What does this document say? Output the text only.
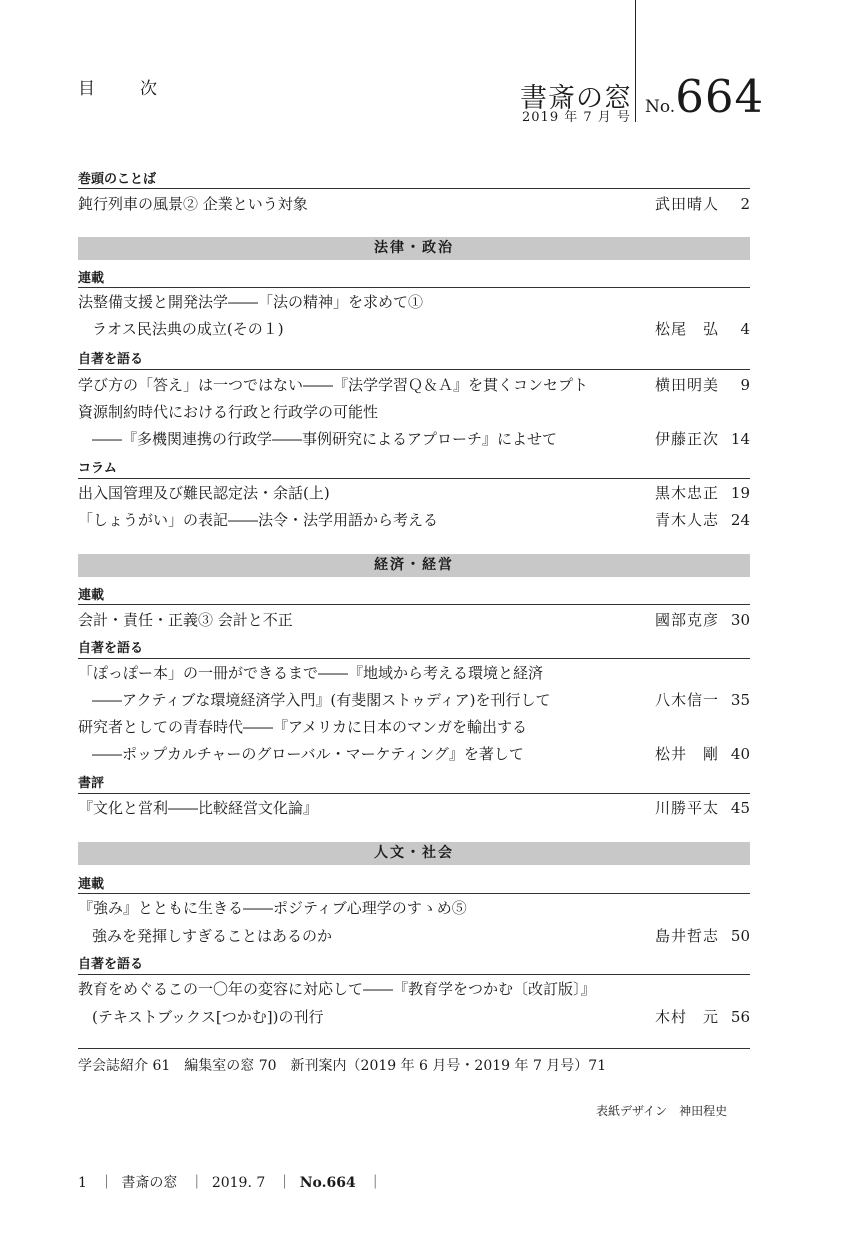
目　次	書斎の窓
2019 年 7 月 号
No.664
巻頭のことば
鈍行列車の風景② 企業という対象	武田晴人 2
法律・政治
連載
法整備支援と開発法学――「法の精神」を求めて①
ラオス民法典の成立(その１)	松尾　弘 4
自著を語る
学び方の「答え」は一つではない――『法学学習Ｑ＆Ａ』を貫くコンセプト	横田明美 9
資源制約時代における行政と行政学の可能性
――『多機関連携の行政学――事例研究によるアプローチ』によせて	伊藤正次 14
コラム
出入国管理及び難民認定法・余話(上)	黒木忠正 19
「しょうがい」の表記――法令・法学用語から考える	青木人志 24
経済・経営
連載
会計・責任・正義③ 会計と不正	國部克彦 30
自著を語る
「ぽっぽー本」の一冊ができるまで――『地域から考える環境と経済
――アクティブな環境経済学入門』(有斐閣ストゥディア)を刊行して	八木信一 35
研究者としての青春時代――『アメリカに日本のマンガを輸出する
――ポップカルチャーのグローバル・マーケティング』を著して	松井　剛 40
書評
『文化と営利――比較経営文化論』	川勝平太 45
人文・社会
連載
『強み』とともに生きる――ポジティブ心理学のすゝめ⑤
強みを発揮しすぎることはあるのか	島井哲志 50
自著を語る
教育をめぐるこの一〇年の変容に対応して――『教育学をつかむ〔改訂版〕』
(テキストブックス[つかむ])の刊行	木村　元 56
学会誌紹介 61 編集室の窓 70 新刊案内（2019 年 6 月号・2019 年 7 月号）71
表紙デザイン 神田程史
1 ｜ 書斎の窓 ｜ 2019. 7 ｜ No.664 ｜
